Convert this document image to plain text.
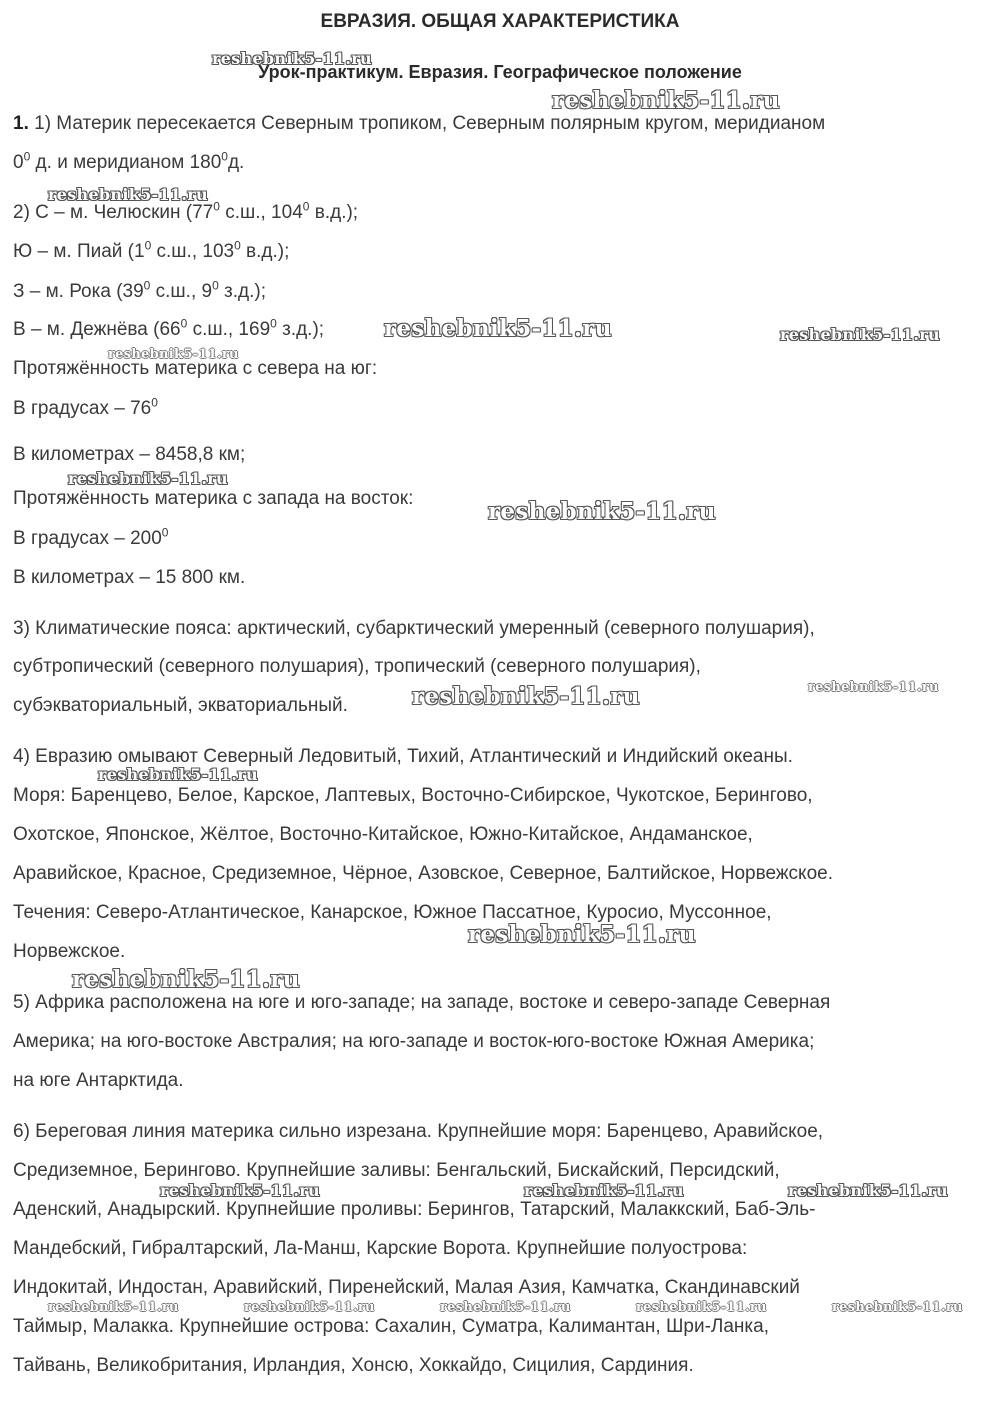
ЕВРАЗИЯ. ОБЩАЯ ХАРАКТЕРИСТИКА
Урок-практикум. Евразия. Географическое положение
1. 1) Материк пересекается Северным тропиком, Северным полярным кругом, меридианом
$0^0$ д. и меридианом $180^0д$.
2) С – м. Челюскин ($77^0$ с.ш., $104^0$ в.д.);
Ю – м. Пиай ($1^0$ с.ш., $103^0$ в.д.);
З – м. Рока ($39^0$ с.ш., $9^0$ з.д.);
В – м. Дежнёва ($66^0$ с.ш., $169^0$ з.д.);
Протяжённость материка с севера на юг:
В градусах – $76^0$
В километрах – 8458,8 км;
Протяжённость материка с запада на восток:
В градусах – $200^0$
В километрах – 15 800 км.
3) Климатические пояса: арктический, субарктический умеренный (северного полушария),
субтропический (северного полушария), тропический (северного полушария),
субэкваториальный, экваториальный.
4) Евразию омывают Северный Ледовитый, Тихий, Атлантический и Индийский океаны.
Моря: Баренцево, Белое, Карское, Лаптевых, Восточно-Сибирское, Чукотское, Берингово,
Охотское, Японское, Жёлтое, Восточно-Китайское, Южно-Китайское, Андаманское,
Аравийское, Красное, Средиземное, Чёрное, Азовское, Северное, Балтийское, Норвежское.
Течения: Северо-Атлантическое, Канарское, Южное Пассатное, Куросио, Муссонное,
Норвежское.
5) Африка расположена на юге и юго-западе; на западе, востоке и северо-западе Северная
Америка; на юго-востоке Австралия; на юго-западе и восток-юго-востоке Южная Америка;
на юге Антарктида.
6) Береговая линия материка сильно изрезана. Крупнейшие моря: Баренцево, Аравийское,
Средиземное, Берингово. Крупнейшие заливы: Бенгальский, Бискайский, Персидский,
Аденский, Анадырский. Крупнейшие проливы: Берингов, Татарский, Малаккский, Баб-Эль-
Мандебский, Гибралтарский, Ла-Манш, Карские Ворота. Крупнейшие полуострова:
Индокитай, Индостан, Аравийский, Пиренейский, Малая Азия, Камчатка, Скандинавский
Таймыр, Малакка. Крупнейшие острова: Сахалин, Суматра, Калимантан, Шри-Ланка,
Тайвань, Великобритания, Ирландия, Хонсю, Хоккайдо, Сицилия, Сардиния.
reshebnik5-11.ru
reshebnik5-11.ru
reshebnik5-11.ru
reshebnik5-11.ru	reshebnik5-11.ru
reshebnik5-11.ru
reshebnik5-11.ru
reshebnik5-11.ru
reshebnik5-11.ru	reshebnik5-11.ru
reshebnik5-11.ru
reshebnik5-11.ru
reshebnik5-11.ru
reshebnik5-11.ru	reshebnik5-11.ru	reshebnik5-11.ru
reshebnik5-11.ru	reshebnik5-11.ru	reshebnik5-11.ru	reshebnik5-11.ru	reshebnik5-11.ru
